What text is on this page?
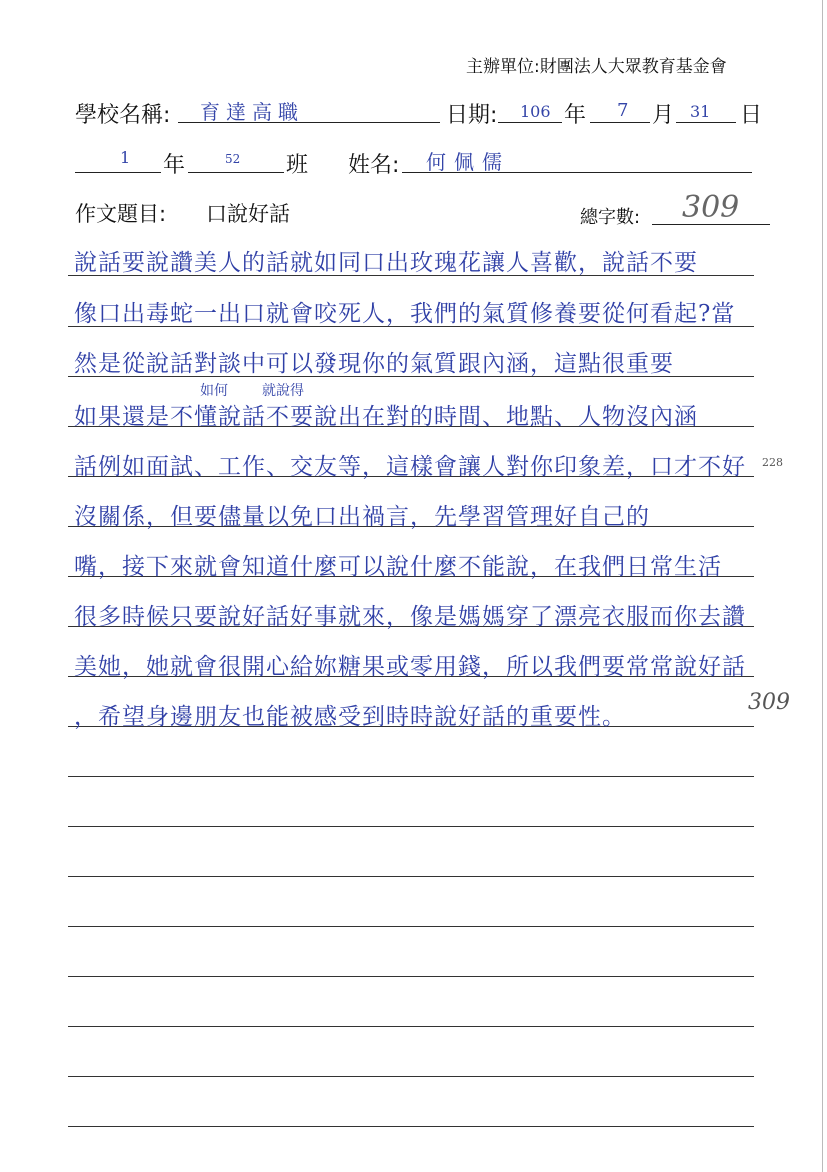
主辦單位:財團法人大眾教育基金會
學校名稱: 育達高職	日期: 106 年 7 月 31 日
1 年	52 班 姓名: 何佩儒
作文題目: 口說好話	總字數: 309
說話要說讚美人的話就如同口出玫瑰花讓人喜歡，說話不要
像口出毒蛇一出口就會咬死人，我們的氣質修養要從何看起?當
然是從說話對談中可以發現你的氣質跟內涵，這點很重要
如果還是不懂說話不要說出在對的時間、地點、人物沒內涵
話例如面試、工作、交友等，這樣會讓人對你印象差，口才不好
沒關係，但要儘量以免口出禍言，先學習管理好自己的
嘴，接下來就會知道什麼可以說什麼不能說，在我們日常生活
很多時候只要說好話好事就來，像是媽媽穿了漂亮衣服而你去讚
美她，她就會很開心給妳糖果或零用錢，所以我們要常常說好話
，希望身邊朋友也能被感受到時時說好話的重要性。
如何 就說得
228
309
